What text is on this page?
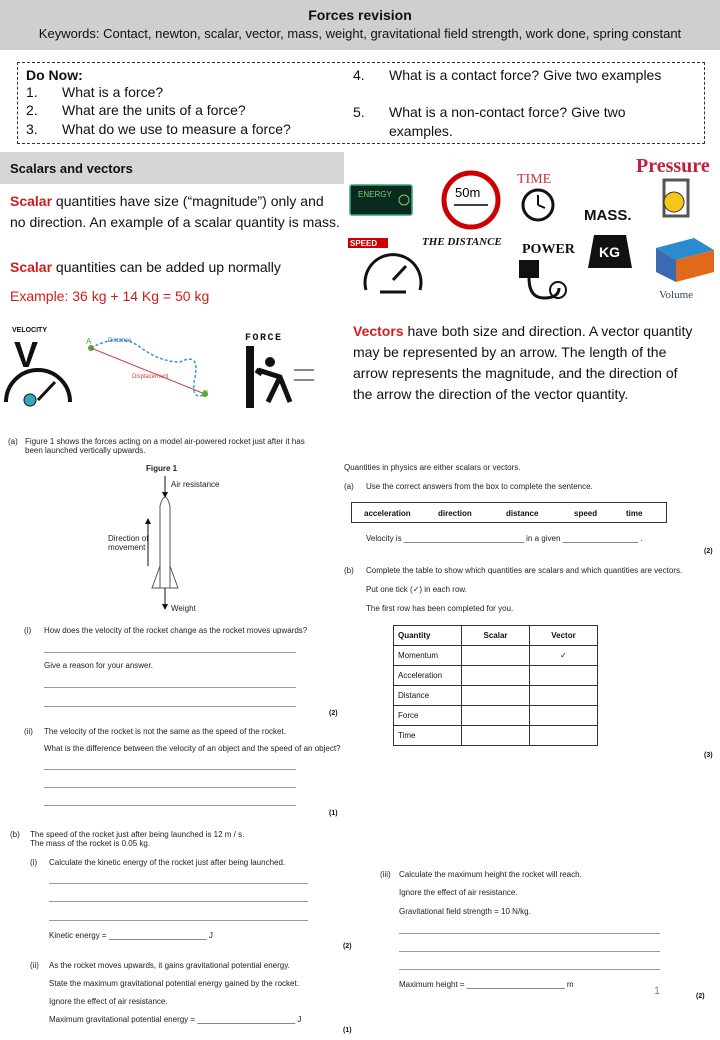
Forces revision
Keywords: Contact, newton, scalar, vector, mass, weight, gravitational field strength, work done, spring constant
Do Now:
1. What is a force?
2. What are the units of a force?
3. What do we use to measure a force?
4. What is a contact force? Give two examples
5. What is a non-contact force? Give two
examples.
Scalars and vectors
Scalar quantities have size (“magnitude”) only and no direction. An example of a scalar quantity is mass.
Scalar quantities can be added up normally
Example: 36 kg + 14 Kg = 50 kg
Vectors have both size and direction. A vector quantity may be represented by an arrow. The length of the arrow represents the magnitude, and the direction of the arrow the direction of the vector quantity.
ENERGY	50m
TIME
Pressure
MASS.
KG
THE DISTANCE
SPEED	POWER
Volume
VELOCITY
V	A	Distance
Displacement
B
FORCE
(a) Figure 1 shows the forces acting on a model air-powered rocket just after it has been launched vertically upwards.
Figure 1
Air resistance
Direction of movement
Weight
(i) How does the velocity of the rocket change as the rocket moves upwards?
Give a reason for your answer.
(2)
(ii) The velocity of the rocket is not the same as the speed of the rocket.
What is the difference between the velocity of an object and the speed of an object?
(1)
(b) The speed of the rocket just after being launched is 12 m / s.
The mass of the rocket is 0.05 kg.
(i) Calculate the kinetic energy of the rocket just after being launched.
Kinetic energy = ______________________ J
(2)
(ii) As the rocket moves upwards, it gains gravitational potential energy.
State the maximum gravitational potential energy gained by the rocket.
Ignore the effect of air resistance.
Maximum gravitational potential energy = ______________________ J
(1)
Quantities in physics are either scalars or vectors.
(a) Use the correct answers from the box to complete the sentence.
acceleration	direction	distance	speed	time
Velocity is ___________________________ in a given _________________ .
(2)
(b) Complete the table to show which quantities are scalars and which quantities are vectors.
Put one tick (✓) in each row.
The first row has been completed for you.
Quantity	Scalar	Vector
Momentum		✓
Acceleration		
Distance		
Force		
Time		
(3)
(iii) Calculate the maximum height the rocket will reach.
Ignore the effect of air resistance.
Gravitational field strength = 10 N/kg.
Maximum height = ______________________ m
1	(2)
